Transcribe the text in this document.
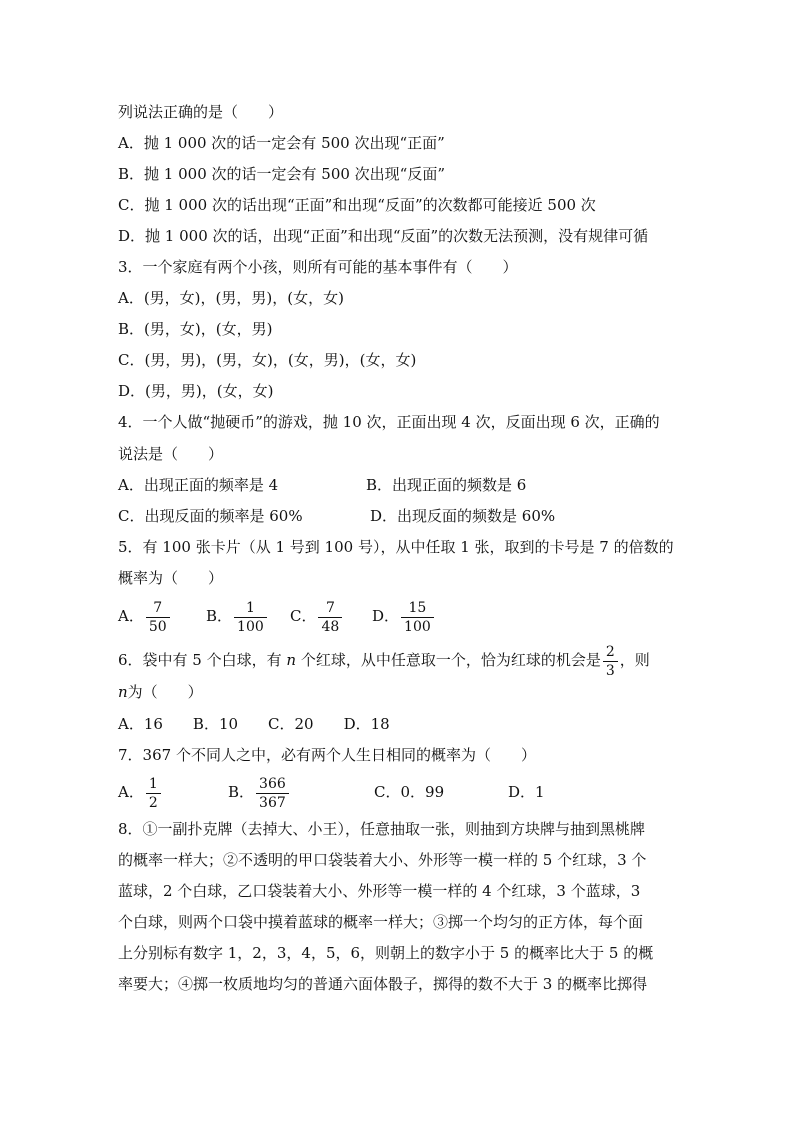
列说法正确的是（　　）
A．抛 1 000 次的话一定会有 500 次出现“正面”
B．抛 1 000 次的话一定会有 500 次出现“反面”
C．抛 1 000 次的话出现“正面”和出现“反面”的次数都可能接近 500 次
D．抛 1 000 次的话，出现“正面”和出现“反面”的次数无法预测，没有规律可循
3．一个家庭有两个小孩，则所有可能的基本事件有（　　）
A．(男，女)，(男，男)，(女，女)
B．(男，女)，(女，男)
C．(男，男)，(男，女)，(女，男)，(女，女)
D．(男，男)，(女，女)
4．一个人做“抛硬币”的游戏，抛 10 次，正面出现 4 次，反面出现 6 次，正确的
说法是（　　）
A．出现正面的频率是 4	B．出现正面的频数是 6
C．出现反面的频率是 60%	D．出现反面的频数是 60%
5．有 100 张卡片（从 1 号到 100 号），从中任取 1 张，取到的卡号是 7 的倍数的
概率为（　　）
A． $\frac{7}{50}$ B． $\frac{1}{100}$ C． $\frac{7}{48}$ D． $\frac{15}{100}$
6．袋中有 5 个白球，有 n 个红球，从中任意取一个，恰为红球的机会是 $\frac{2}{3}$ ，则
n为（　　）
A．16　　B．10　　C．20　　D．18
7．367 个不同人之中，必有两个人生日相同的概率为（　　）
A． $\frac{1}{2}$	B． $\frac{366}{367}$	C．0．99	D．1
8．①一副扑克牌（去掉大、小王），任意抽取一张，则抽到方块牌与抽到黑桃牌
的概率一样大；②不透明的甲口袋装着大小、外形等一模一样的 5 个红球，3 个
蓝球，2 个白球，乙口袋装着大小、外形等一模一样的 4 个红球，3 个蓝球，3
个白球，则两个口袋中摸着蓝球的概率一样大；③掷一个均匀的正方体，每个面
上分别标有数字 1，2，3，4，5，6，则朝上的数字小于 5 的概率比大于 5 的概
率要大；④掷一枚质地均匀的普通六面体骰子，掷得的数不大于 3 的概率比掷得
